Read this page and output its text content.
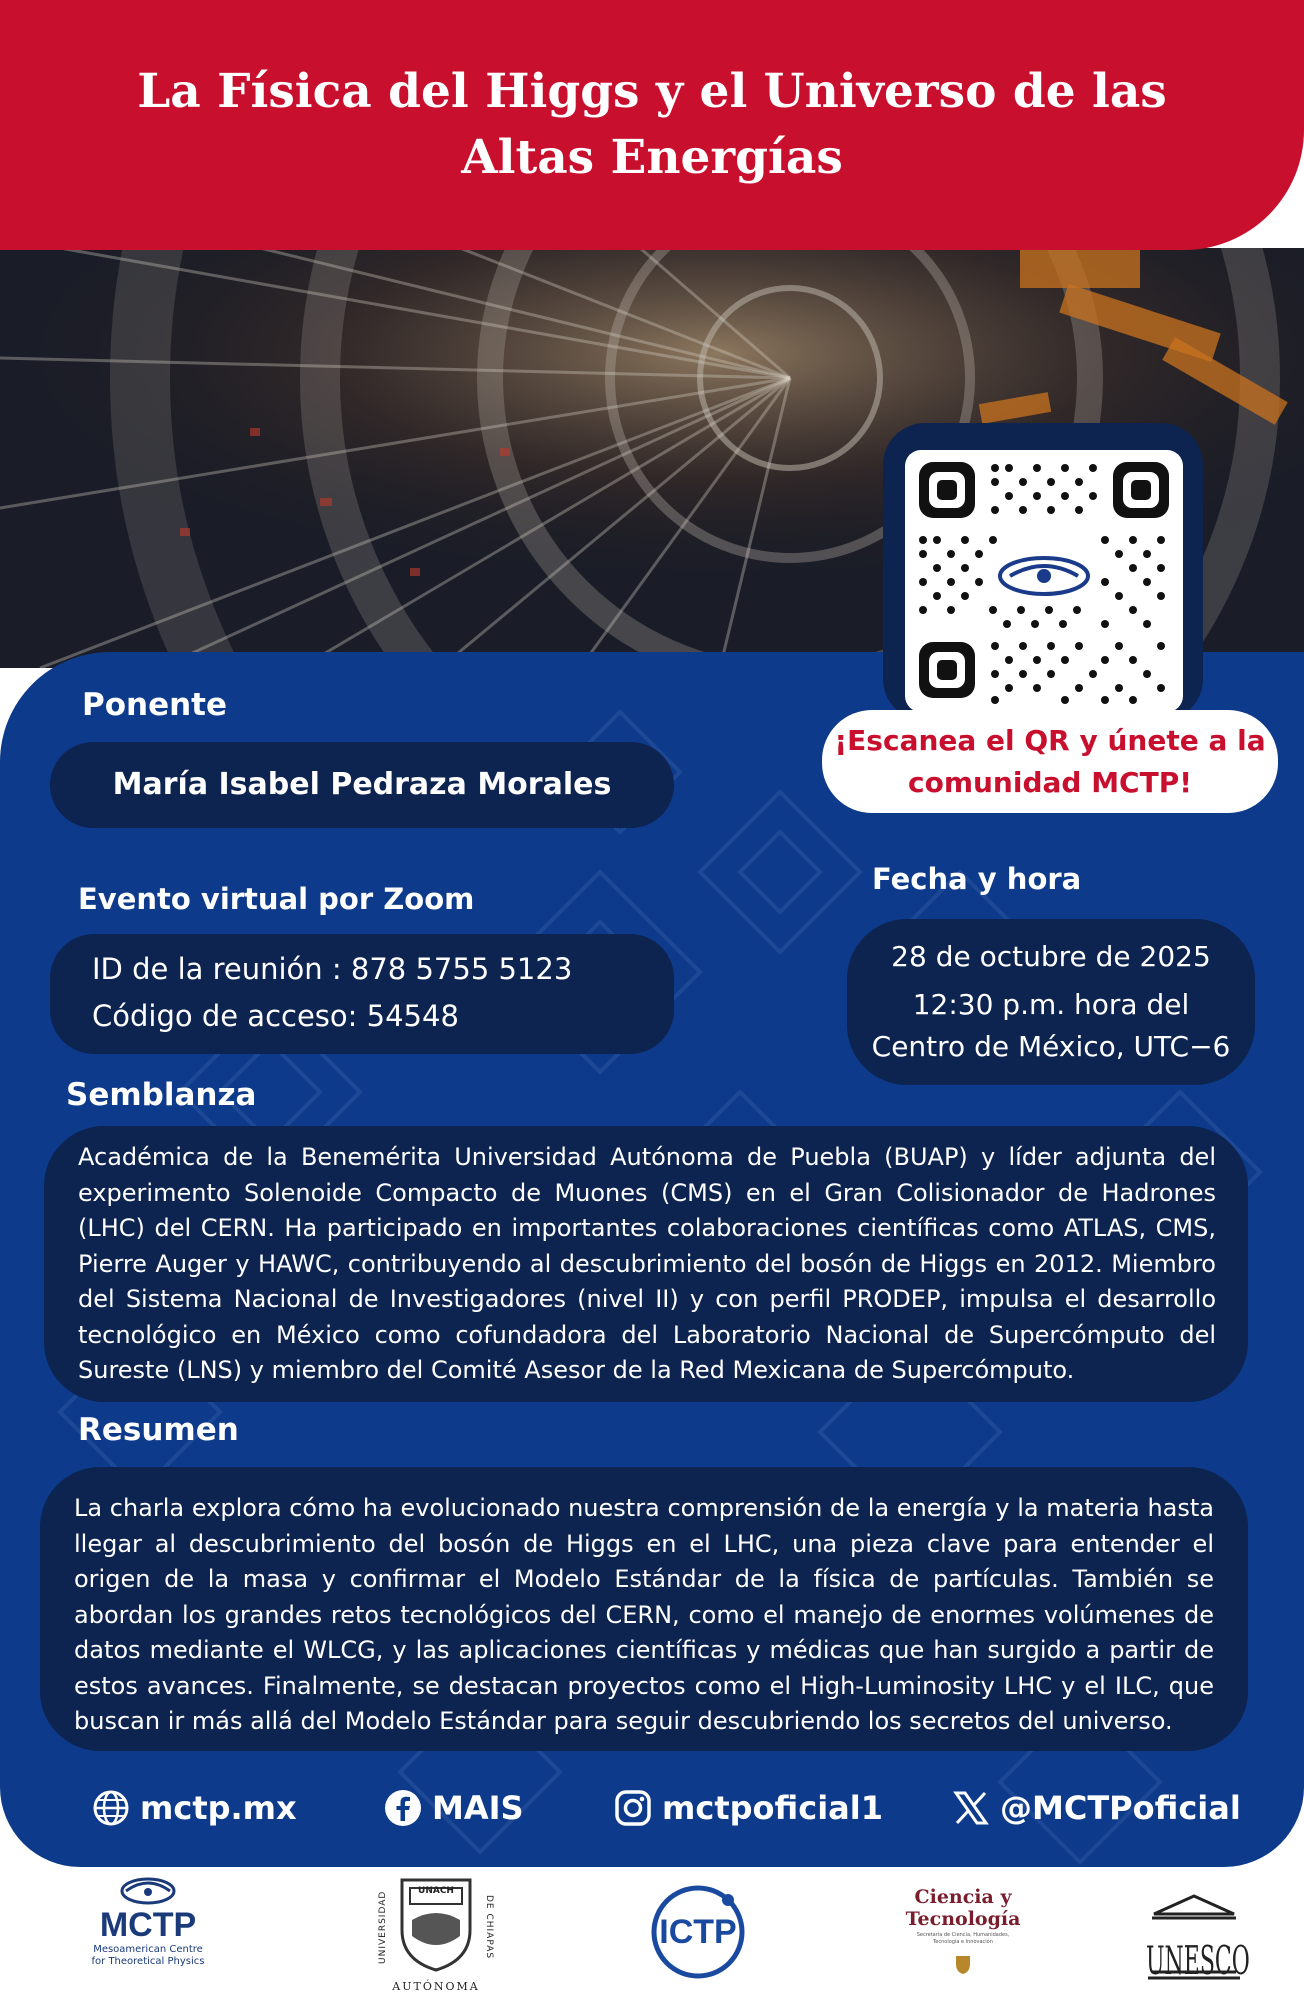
La Física del Higgs y el Universo de las Altas Energías
Ponente
María Isabel Pedraza Morales
Evento virtual por Zoom
ID de la reunión : 878 5755 5123
Código de acceso: 54548
Fecha y hora
28 de octubre de 2025
12:30 p.m. hora del
Centro de México, UTC−6
Semblanza
Académica de la Benemérita Universidad Autónoma de Puebla (BUAP) y líder adjunta del experimento Solenoide Compacto de Muones (CMS) en el Gran Colisionador de Hadrones (LHC) del CERN. Ha participado en importantes colaboraciones científicas como ATLAS, CMS, Pierre Auger y HAWC, contribuyendo al descubrimiento del bosón de Higgs en 2012. Miembro del Sistema Nacional de Investigadores (nivel II) y con perfil PRODEP, impulsa el desarrollo tecnológico en México como cofundadora del Laboratorio Nacional de Supercómputo del Sureste (LNS) y miembro del Comité Asesor de la Red Mexicana de Supercómputo.
Resumen
La charla explora cómo ha evolucionado nuestra comprensión de la energía y la materia hasta llegar al descubrimiento del bosón de Higgs en el LHC, una pieza clave para entender el origen de la masa y confirmar el Modelo Estándar de la física de partículas. También se abordan los grandes retos tecnológicos del CERN, como el manejo de enormes volúmenes de datos mediante el WLCG, y las aplicaciones científicas y médicas que han surgido a partir de estos avances. Finalmente, se destacan proyectos como el High-Luminosity LHC y el ILC, que buscan ir más allá del Modelo Estándar para seguir descubriendo los secretos del universo.
¡Escanea el QR y únete a la comunidad MCTP!
mctp.mx	MAIS	mctpoficial1	@MCTPoficial
MCTP
Mesoamerican Centre
for Theoretical Physics	UNIVERSIDAD	DE CHIAPAS
UNACH
AUTÓNOMA
ICTP
Ciencia y
Tecnología
Secretaría de Ciencia, Humanidades,
Tecnología e Innovación	UNESCO
